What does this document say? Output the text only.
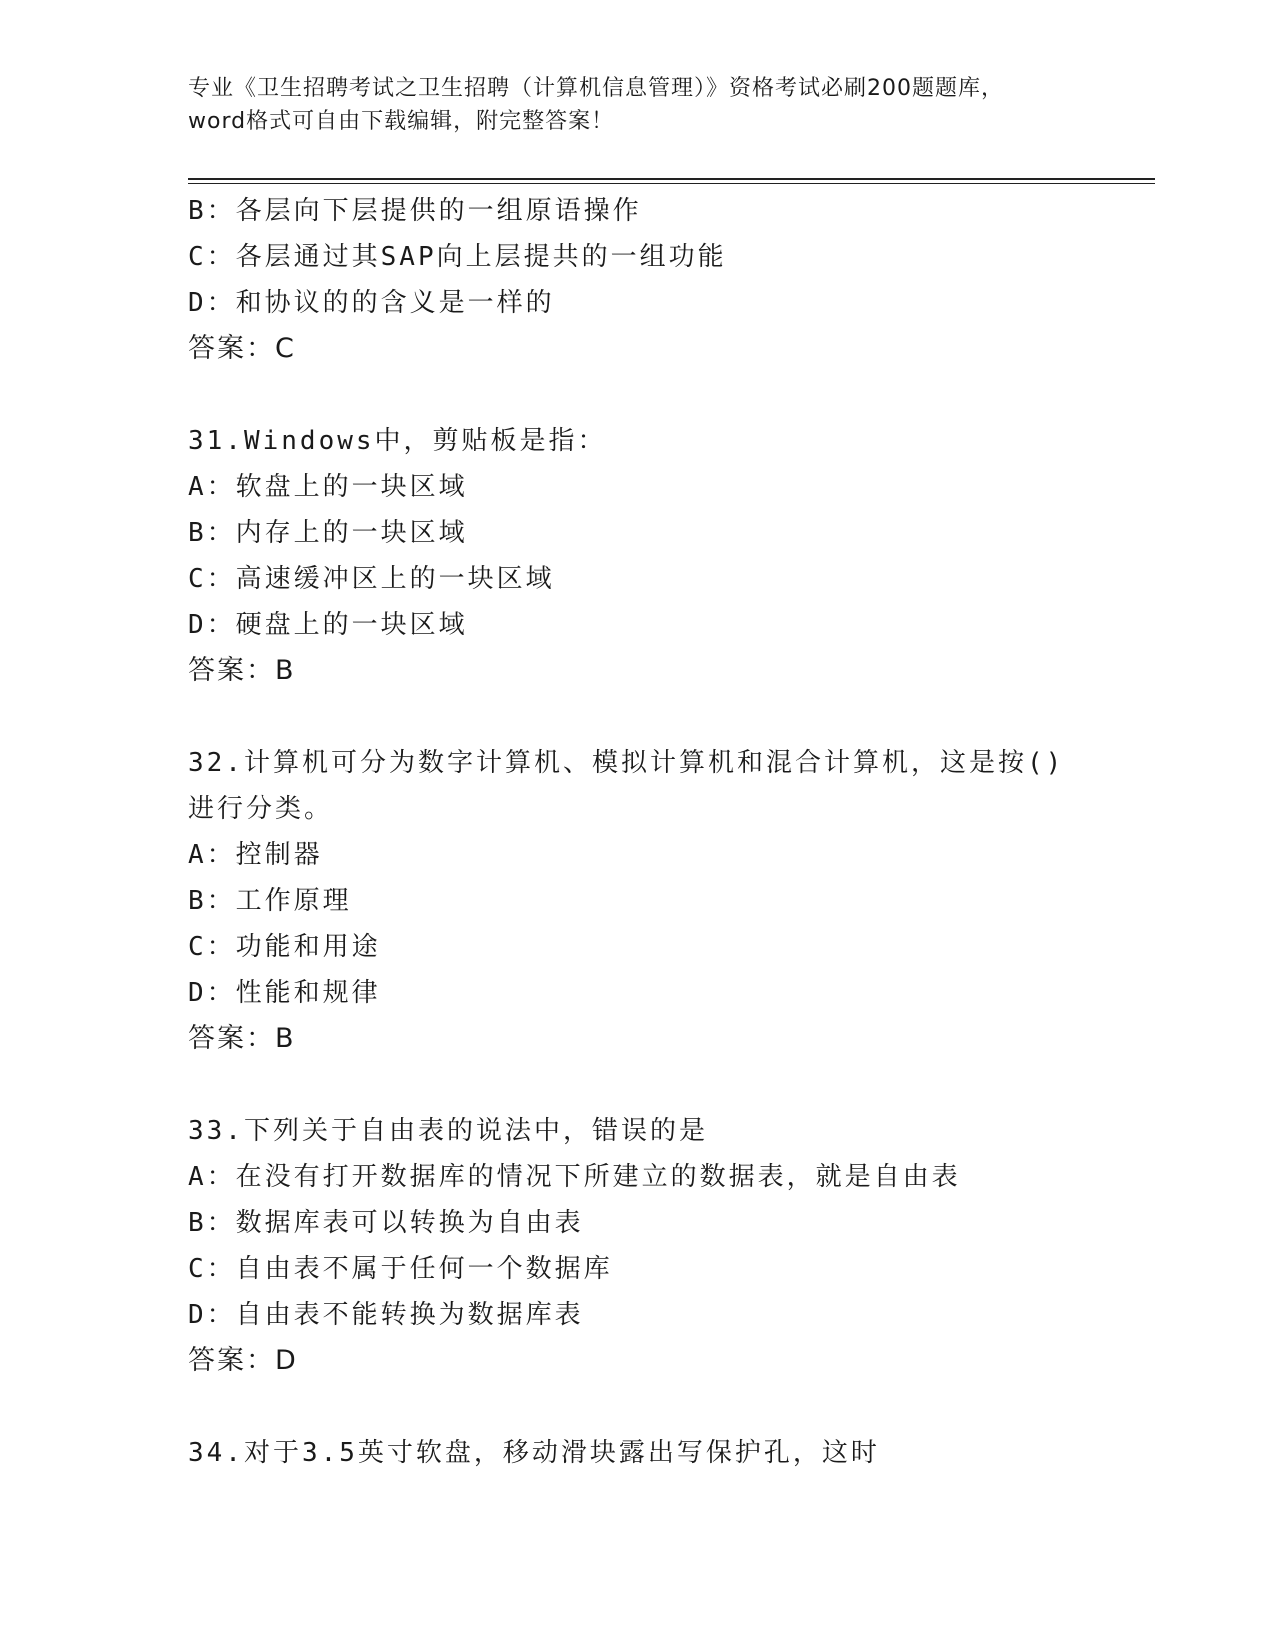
专业《卫生招聘考试之卫生招聘（计算机信息管理）》资格考试必刷200题题库，
word格式可自由下载编辑，附完整答案！
B：各层向下层提供的一组原语操作
C：各层通过其SAP向上层提共的一组功能
D：和协议的的含义是一样的
答案：C
31.Windows中，剪贴板是指：
A：软盘上的一块区域
B：内存上的一块区域
C：高速缓冲区上的一块区域
D：硬盘上的一块区域
答案：B
32.计算机可分为数字计算机、模拟计算机和混合计算机，这是按()进行分类。
A：控制器
B：工作原理
C：功能和用途
D：性能和规律
答案：B
33.下列关于自由表的说法中，错误的是
A：在没有打开数据库的情况下所建立的数据表，就是自由表
B：数据库表可以转换为自由表
C：自由表不属于任何一个数据库
D：自由表不能转换为数据库表
答案：D
34.对于3.5英寸软盘，移动滑块露出写保护孔，这时
